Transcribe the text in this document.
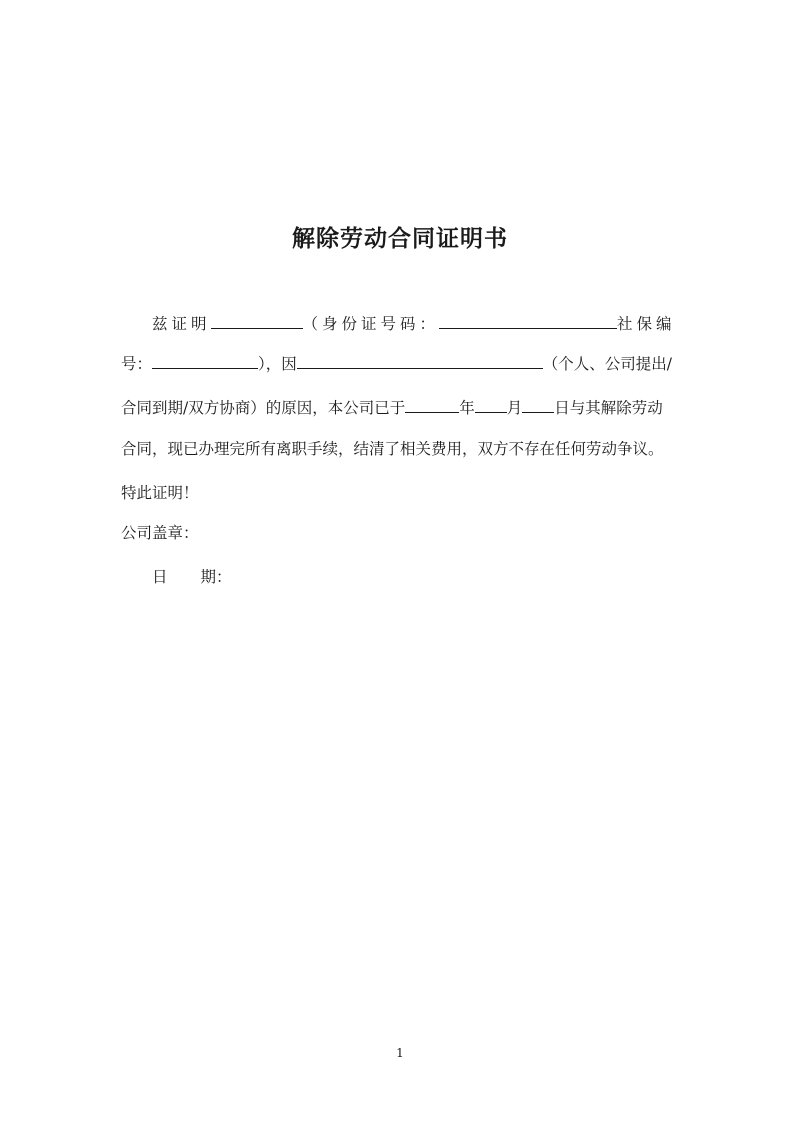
解除劳动合同证明书
兹证明	（身份证号码：	社保编
号：	），因	（个人、公司提出/
合同到期/双方协商）的原因，本公司已于	年 月 日与其解除劳动
合同，现已办理完所有离职手续，结清了相关费用，双方不存在任何劳动争议。
特此证明！
公司盖章：
日 期：
1
